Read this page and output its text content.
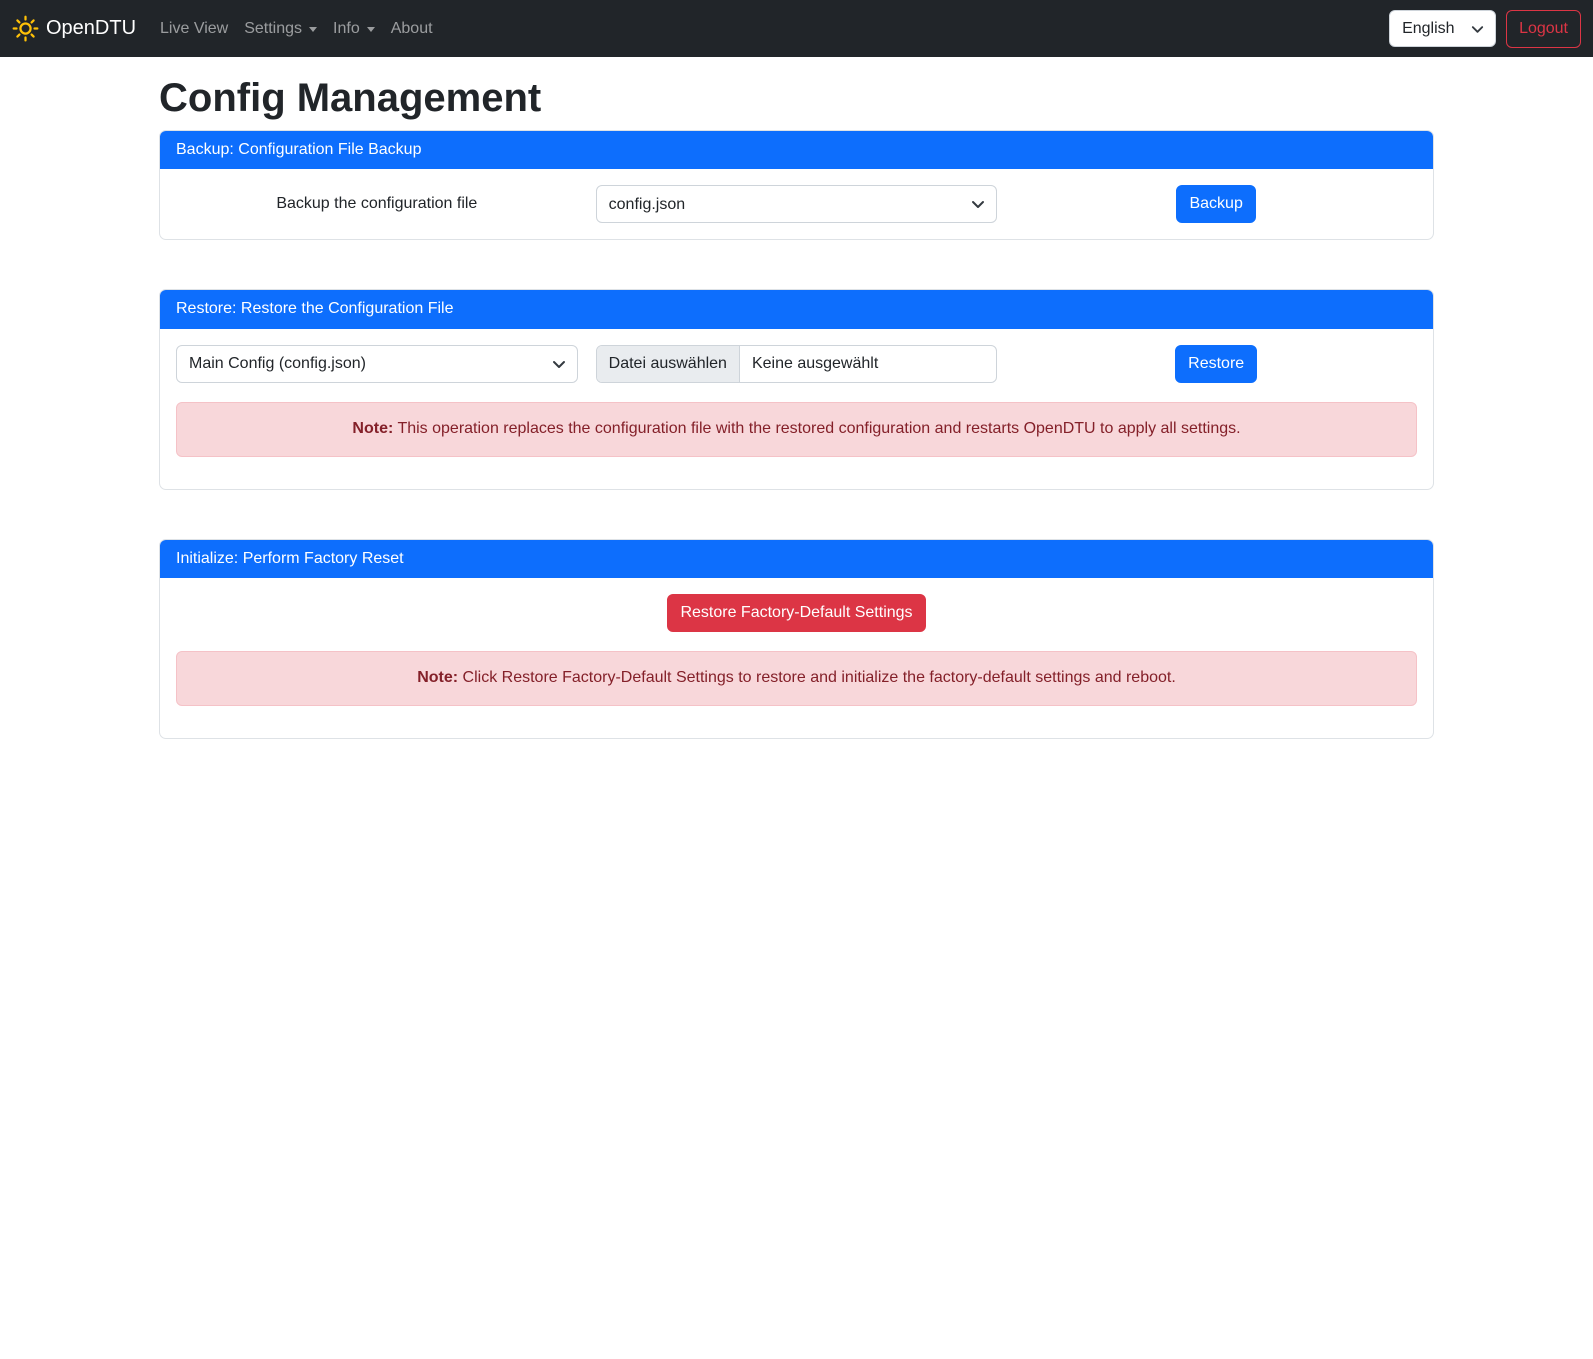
OpenDTU Live View Settings Info About
English	Logout
Config Management
Backup: Configuration File Backup
Backup the configuration file
config.json	Backup
Restore: Restore the Configuration File
Main Config (config.json)
Datei auswählen	Keine ausgewählt	Restore
Note: This operation replaces the configuration file with the restored configuration and restarts OpenDTU to apply all settings.
Initialize: Perform Factory Reset
Restore Factory-Default Settings
Note: Click Restore Factory-Default Settings to restore and initialize the factory-default settings and reboot.
